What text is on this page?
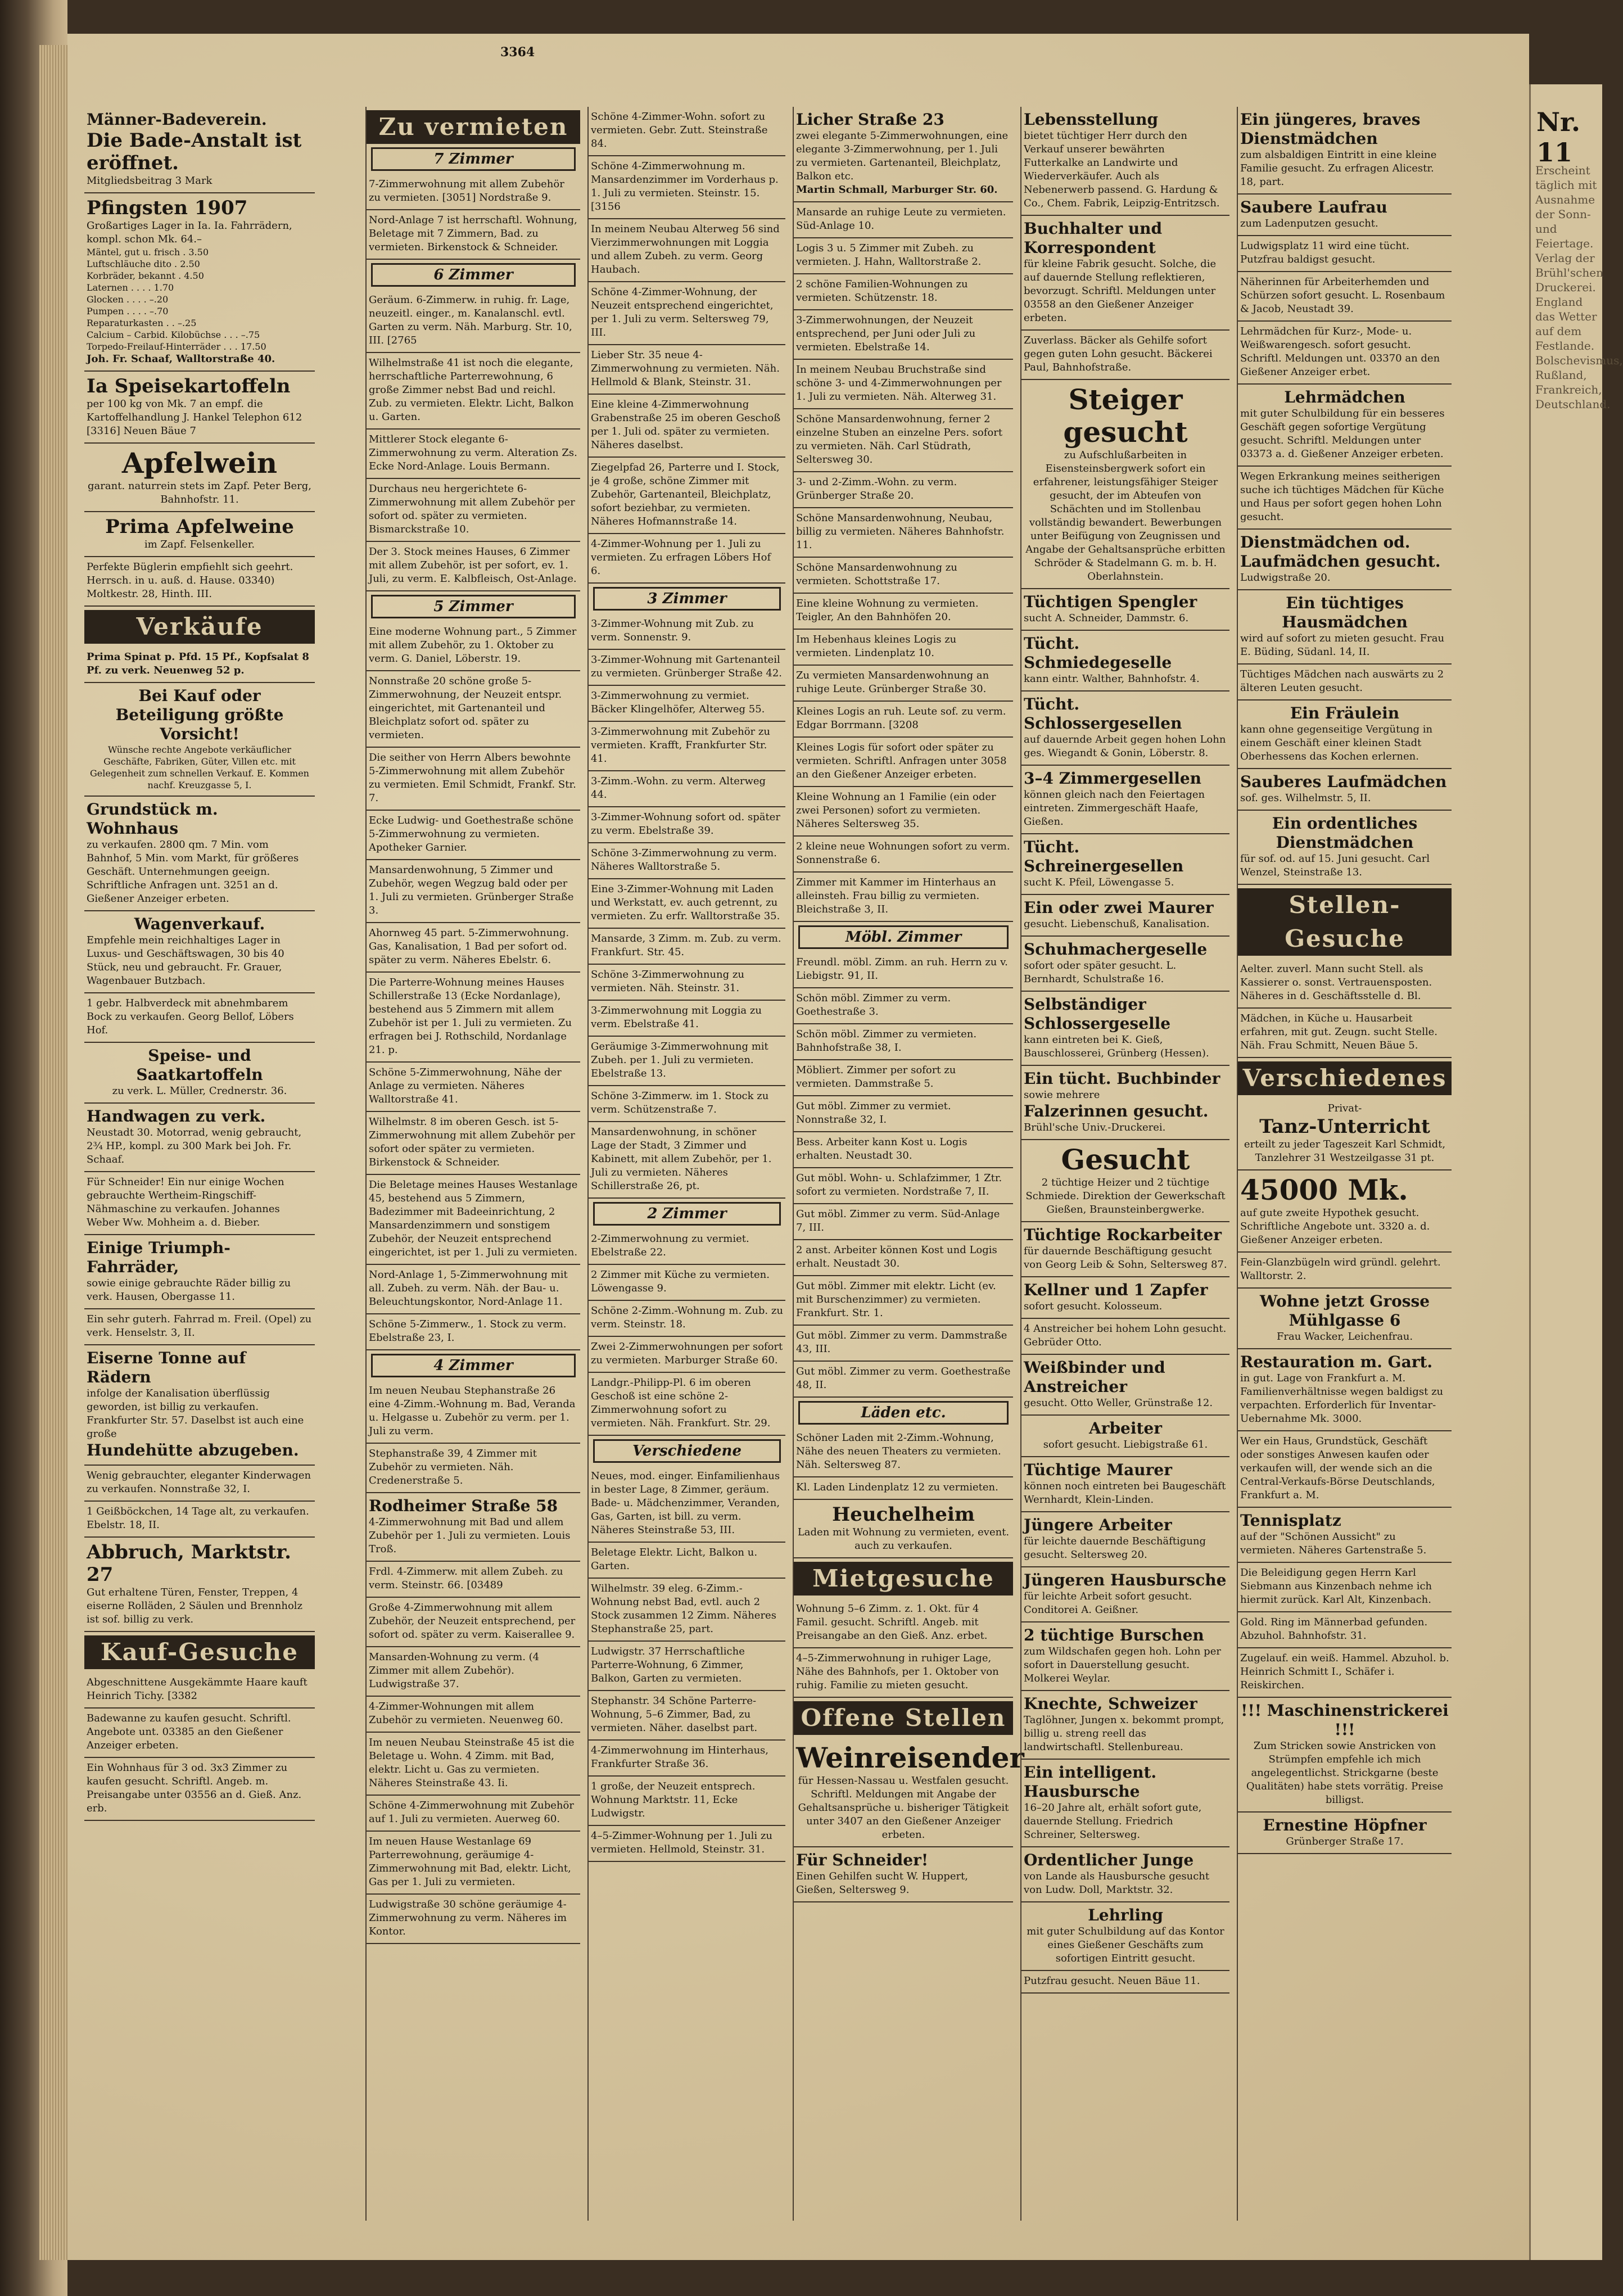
3364
Männer-Badeverein.
Die Bade-Anstalt ist eröffnet.

Mitgliedsbeitrag 3 Mark

Pfingsten 1907

Großartiges Lager in Ia. Ia. Fahrrädern, kompl. schon Mk. 64.–

Mäntel, gut u. frisch . 3.50

Luftschläuche dito . 2.50

Korbräder, bekannt . 4.50

Laternen . . . . 1.70

Glocken . . . . –.20

Pumpen . . . . –.70

Reparaturkasten . . –.25

Calcium – Carbid. Kilobüchse . . . –.75

Torpedo-Freilauf-Hinterräder . . . 17.50

Joh. Fr. Schaaf, Walltorstraße 40.

Ia Speisekartoffeln

per 100 kg von Mk. 7 an empf. die Kartoffelhandlung J. Hankel Telephon 612 [3316] Neuen Bäue 7

Apfelwein

garant. naturrein stets im Zapf. Peter Berg, Bahnhofstr. 11.

Prima Apfelweine

im Zapf. Felsenkeller.

Perfekte Büglerin empfiehlt sich geehrt. Herrsch. in u. auß. d. Hause. 03340) Moltkestr. 28, Hinth. III.

Verkäufe

Prima Spinat p. Pfd. 15 Pf., Kopfsalat 8 Pf. zu verk. Neuenweg 52 p.

Bei Kauf oder Beteiligung größte Vorsicht!

Wünsche rechte Angebote verkäuflicher Geschäfte, Fabriken, Güter, Villen etc. mit Gelegenheit zum schnellen Verkauf. E. Kommen nachf. Kreuzgasse 5, I.

Grundstück m. Wohnhaus

zu verkaufen. 2800 qm. 7 Min. vom Bahnhof, 5 Min. vom Markt, für größeres Geschäft. Unternehmungen geeign. Schriftliche Anfragen unt. 3251 an d. Gießener Anzeiger erbeten.

Wagenverkauf.

Empfehle mein reichhaltiges Lager in Luxus- und Geschäftswagen, 30 bis 40 Stück, neu und gebraucht. Fr. Grauer, Wagenbauer Butzbach.

1 gebr. Halbverdeck mit abnehmbarem Bock zu verkaufen. Georg Bellof, Löbers Hof.

Speise- und Saatkartoffeln

zu verk. L. Müller, Crednerstr. 36.

Handwagen zu verk.

Neustadt 30. Motorrad, wenig gebraucht, 2¾ HP., kompl. zu 300 Mark bei Joh. Fr. Schaaf.

Für Schneider! Ein nur einige Wochen gebrauchte Wertheim-Ringschiff-Nähmaschine zu verkaufen. Johannes Weber Ww. Mohheim a. d. Bieber.

Einige Triumph-Fahrräder,

sowie einige gebrauchte Räder billig zu verk. Hausen, Obergasse 11.

Ein sehr guterh. Fahrrad m. Freil. (Opel) zu verk. Henselstr. 3, II.

Eiserne Tonne auf Rädern

infolge der Kanalisation überflüssig geworden, ist billig zu verkaufen. Frankfurter Str. 57. Daselbst ist auch eine große

Hundehütte abzugeben.

Wenig gebrauchter, eleganter Kinderwagen zu verkaufen. Nonnstraße 32, I.

1 Geißböckchen, 14 Tage alt, zu verkaufen. Ebelstr. 18, II.

Abbruch, Marktstr. 27

Gut erhaltene Türen, Fenster, Treppen, 4 eiserne Rolläden, 2 Säulen und Brennholz ist sof. billig zu verk.

Kauf-Gesuche

Abgeschnittene Ausgekämmte Haare kauft Heinrich Tichy. [3382

Badewanne zu kaufen gesucht. Schriftl. Angebote unt. 03385 an den Gießener Anzeiger erbeten.

Ein Wohnhaus für 3 od. 3x3 Zimmer zu kaufen gesucht. Schriftl. Angeb. m. Preisangabe unter 03556 an d. Gieß. Anz. erb.

Zu vermieten
7 Zimmer
7-Zimmerwohnung mit allem Zubehör zu vermieten. [3051] Nordstraße 9.
Nord-Anlage 7 ist herrschaftl. Wohnung, Beletage mit 7 Zimmern, Bad. zu vermieten. Birkenstock & Schneider.
6 Zimmer
Geräum. 6-Zimmerw. in ruhig. fr. Lage, neuzeitl. einger., m. Kanalanschl. evtl. Garten zu verm. Näh. Marburg. Str. 10, III. [2765
Wilhelmstraße 41 ist noch die elegante, herrschaftliche Parterrewohnung, 6 große Zimmer nebst Bad und reichl. Zub. zu vermieten. Elektr. Licht, Balkon u. Garten.
Mittlerer Stock elegante 6-Zimmerwohnung zu verm. Alteration Zs. Ecke Nord-Anlage. Louis Bermann.
Durchaus neu hergerichtete 6-Zimmerwohnung mit allem Zubehör per sofort od. später zu vermieten. Bismarckstraße 10.
Der 3. Stock meines Hauses, 6 Zimmer mit allem Zubehör, ist per sofort, ev. 1. Juli, zu verm. E. Kalbfleisch, Ost-Anlage.
5 Zimmer
Eine moderne Wohnung part., 5 Zimmer mit allem Zubehör, zu 1. Oktober zu verm. G. Daniel, Löberstr. 19.
Nonnstraße 20 schöne große 5-Zimmerwohnung, der Neuzeit entspr. eingerichtet, mit Gartenanteil und Bleichplatz sofort od. später zu vermieten.
Die seither von Herrn Albers bewohnte 5-Zimmerwohnung mit allem Zubehör zu vermieten. Emil Schmidt, Frankf. Str. 7.
Ecke Ludwig- und Goethestraße schöne 5-Zimmerwohnung zu vermieten. Apotheker Garnier.
Mansardenwohnung, 5 Zimmer und Zubehör, wegen Wegzug bald oder per 1. Juli zu vermieten. Grünberger Straße 3.
Ahornweg 45 part. 5-Zimmerwohnung. Gas, Kanalisation, 1 Bad per sofort od. später zu verm. Näheres Ebelstr. 6.
Die Parterre-Wohnung meines Hauses Schillerstraße 13 (Ecke Nordanlage), bestehend aus 5 Zimmern mit allem Zubehör ist per 1. Juli zu vermieten. Zu erfragen bei J. Rothschild, Nordanlage 21. p.
Schöne 5-Zimmerwohnung, Nähe der Anlage zu vermieten. Näheres Walltorstraße 41.
Wilhelmstr. 8 im oberen Gesch. ist 5-Zimmerwohnung mit allem Zubehör per sofort oder später zu vermieten. Birkenstock & Schneider.
Die Beletage meines Hauses Westanlage 45, bestehend aus 5 Zimmern, Badezimmer mit Badeeinrichtung, 2 Mansardenzimmern und sonstigem Zubehör, der Neuzeit entsprechend eingerichtet, ist per 1. Juli zu vermieten.
Nord-Anlage 1, 5-Zimmerwohnung mit all. Zubeh. zu verm. Näh. der Bau- u. Beleuchtungskontor, Nord-Anlage 11.
Schöne 5-Zimmerw., 1. Stock zu verm. Ebelstraße 23, I.
4 Zimmer
Im neuen Neubau Stephanstraße 26 eine 4-Zimm.-Wohnung m. Bad, Veranda u. Helgasse u. Zubehör zu verm. per 1. Juli zu verm.
Stephanstraße 39, 4 Zimmer mit Zubehör zu vermieten. Näh. Credenerstraße 5.
Rodheimer Straße 58

4-Zimmerwohnung mit Bad und allem Zubehör per 1. Juli zu vermieten. Louis Troß.

Frdl. 4-Zimmerw. mit allem Zubeh. zu verm. Steinstr. 66. [03489
Große 4-Zimmerwohnung mit allem Zubehör, der Neuzeit entsprechend, per sofort od. später zu verm. Kaiserallee 9.
Mansarden-Wohnung zu verm. (4 Zimmer mit allem Zubehör). Ludwigstraße 37.
4-Zimmer-Wohnungen mit allem Zubehör zu vermieten. Neuenweg 60.
Im neuen Neubau Steinstraße 45 ist die Beletage u. Wohn. 4 Zimm. mit Bad, elektr. Licht u. Gas zu vermieten. Näheres Steinstraße 43. Ii.
Schöne 4-Zimmerwohnung mit Zubehör auf 1. Juli zu vermieten. Auerweg 60.
Im neuen Hause Westanlage 69 Parterrewohnung, geräumige 4-Zimmerwohnung mit Bad, elektr. Licht, Gas per 1. Juli zu vermieten.
Ludwigstraße 30 schöne geräumige 4-Zimmerwohnung zu verm. Näheres im Kontor.
Schöne 4-Zimmer-Wohn. sofort zu vermieten. Gebr. Zutt. Steinstraße 84.
Schöne 4-Zimmerwohnung m. Mansardenzimmer im Vorderhaus p. 1. Juli zu vermieten. Steinstr. 15. [3156
In meinem Neubau Alterweg 56 sind Vierzimmerwohnungen mit Loggia und allem Zubeh. zu verm. Georg Haubach.
Schöne 4-Zimmer-Wohnung, der Neuzeit entsprechend eingerichtet, per 1. Juli zu verm. Seltersweg 79, III.
Lieber Str. 35 neue 4-Zimmerwohnung zu vermieten. Näh. Hellmold & Blank, Steinstr. 31.
Eine kleine 4-Zimmerwohnung Grabenstraße 25 im oberen Geschoß per 1. Juli od. später zu vermieten. Näheres daselbst.
Ziegelpfad 26, Parterre und I. Stock, je 4 große, schöne Zimmer mit Zubehör, Gartenanteil, Bleichplatz, sofort beziehbar, zu vermieten. Näheres Hofmannstraße 14.
4-Zimmer-Wohnung per 1. Juli zu vermieten. Zu erfragen Löbers Hof 6.
3 Zimmer
3-Zimmer-Wohnung mit Zub. zu verm. Sonnenstr. 9.
3-Zimmer-Wohnung mit Gartenanteil zu vermieten. Grünberger Straße 42.
3-Zimmerwohnung zu vermiet. Bäcker Klingelhöfer, Alterweg 55.
3-Zimmerwohnung mit Zubehör zu vermieten. Krafft, Frankfurter Str. 41.
3-Zimm.-Wohn. zu verm. Alterweg 44.
3-Zimmer-Wohnung sofort od. später zu verm. Ebelstraße 39.
Schöne 3-Zimmerwohnung zu verm. Näheres Walltorstraße 5.
Eine 3-Zimmer-Wohnung mit Laden und Werkstatt, ev. auch getrennt, zu vermieten. Zu erfr. Walltorstraße 35.
Mansarde, 3 Zimm. m. Zub. zu verm. Frankfurt. Str. 45.
Schöne 3-Zimmerwohnung zu vermieten. Näh. Steinstr. 31.
3-Zimmerwohnung mit Loggia zu verm. Ebelstraße 41.
Geräumige 3-Zimmerwohnung mit Zubeh. per 1. Juli zu vermieten. Ebelstraße 13.
Schöne 3-Zimmerw. im 1. Stock zu verm. Schützenstraße 7.
Mansardenwohnung, in schöner Lage der Stadt, 3 Zimmer und Kabinett, mit allem Zubehör, per 1. Juli zu vermieten. Näheres Schillerstraße 26, pt.
2 Zimmer
2-Zimmerwohnung zu vermiet. Ebelstraße 22.
2 Zimmer mit Küche zu vermieten. Löwengasse 9.
Schöne 2-Zimm.-Wohnung m. Zub. zu verm. Steinstr. 18.
Zwei 2-Zimmerwohnungen per sofort zu vermieten. Marburger Straße 60.
Landgr.-Philipp-Pl. 6 im oberen Geschoß ist eine schöne 2-Zimmerwohnung sofort zu vermieten. Näh. Frankfurt. Str. 29.
Verschiedene
Neues, mod. einger. Einfamilienhaus in bester Lage, 8 Zimmer, geräum. Bade- u. Mädchenzimmer, Veranden, Gas, Garten, ist bill. zu verm. Näheres Steinstraße 53, III.
Beletage Elektr. Licht, Balkon u. Garten.
Wilhelmstr. 39 eleg. 6-Zimm.-Wohnung nebst Bad, evtl. auch 2 Stock zusammen 12 Zimm. Näheres Stephanstraße 25, part.
Ludwigstr. 37 Herrschaftliche Parterre-Wohnung, 6 Zimmer, Balkon, Garten zu vermieten.
Stephanstr. 34 Schöne Parterre-Wohnung, 5–6 Zimmer, Bad, zu vermieten. Näher. daselbst part.
4-Zimmerwohnung im Hinterhaus, Frankfurter Straße 36.
1 große, der Neuzeit entsprech. Wohnung Marktstr. 11, Ecke Ludwigstr.
4–5-Zimmer-Wohnung per 1. Juli zu vermieten. Hellmold, Steinstr. 31.
Licher Straße 23

zwei elegante 5-Zimmerwohnungen, eine elegante 3-Zimmerwohnung, per 1. Juli zu vermieten. Gartenanteil, Bleichplatz, Balkon etc.

Martin Schmall, Marburger Str. 60.

Mansarde an ruhige Leute zu vermieten. Süd-Anlage 10.
Logis 3 u. 5 Zimmer mit Zubeh. zu vermieten. J. Hahn, Walltorstraße 2.
2 schöne Familien-Wohnungen zu vermieten. Schützenstr. 18.
3-Zimmerwohnungen, der Neuzeit entsprechend, per Juni oder Juli zu vermieten. Ebelstraße 14.
In meinem Neubau Bruchstraße sind schöne 3- und 4-Zimmerwohnungen per 1. Juli zu vermieten. Näh. Alterweg 31.
Schöne Mansardenwohnung, ferner 2 einzelne Stuben an einzelne Pers. sofort zu vermieten. Näh. Carl Stüdrath, Seltersweg 30.
3- und 2-Zimm.-Wohn. zu verm. Grünberger Straße 20.
Schöne Mansardenwohnung, Neubau, billig zu vermieten. Näheres Bahnhofstr. 11.
Schöne Mansardenwohnung zu vermieten. Schottstraße 17.
Eine kleine Wohnung zu vermieten. Teigler, An den Bahnhöfen 20.
Im Hebenhaus kleines Logis zu vermieten. Lindenplatz 10.
Zu vermieten Mansardenwohnung an ruhige Leute. Grünberger Straße 30.
Kleines Logis an ruh. Leute sof. zu verm. Edgar Borrmann. [3208
Kleines Logis für sofort oder später zu vermieten. Schriftl. Anfragen unter 3058 an den Gießener Anzeiger erbeten.
Kleine Wohnung an 1 Familie (ein oder zwei Personen) sofort zu vermieten. Näheres Seltersweg 35.
2 kleine neue Wohnungen sofort zu verm. Sonnenstraße 6.
Zimmer mit Kammer im Hinterhaus an alleinsteh. Frau billig zu vermieten. Bleichstraße 3, II.
Möbl. Zimmer
Freundl. möbl. Zimm. an ruh. Herrn zu v. Liebigstr. 91, II.
Schön möbl. Zimmer zu verm. Goethestraße 3.
Schön möbl. Zimmer zu vermieten. Bahnhofstraße 38, I.
Möbliert. Zimmer per sofort zu vermieten. Dammstraße 5.
Gut möbl. Zimmer zu vermiet. Nonnstraße 32, I.
Bess. Arbeiter kann Kost u. Logis erhalten. Neustadt 30.
Gut möbl. Wohn- u. Schlafzimmer, 1 Ztr. sofort zu vermieten. Nordstraße 7, II.
Gut möbl. Zimmer zu verm. Süd-Anlage 7, III.
2 anst. Arbeiter können Kost und Logis erhalt. Neustadt 30.
Gut möbl. Zimmer mit elektr. Licht (ev. mit Burschenzimmer) zu vermieten. Frankfurt. Str. 1.
Gut möbl. Zimmer zu verm. Dammstraße 43, III.
Gut möbl. Zimmer zu verm. Goethestraße 48, II.
Läden etc.
Schöner Laden mit 2-Zimm.-Wohnung, Nähe des neuen Theaters zu vermieten. Näh. Seltersweg 87.
Kl. Laden Lindenplatz 12 zu vermieten.
Heuchelheim

Laden mit Wohnung zu vermieten, event. auch zu verkaufen.

Mietgesuche
Wohnung 5–6 Zimm. z. 1. Okt. für 4 Famil. gesucht. Schriftl. Angeb. mit Preisangabe an den Gieß. Anz. erbet.
4–5-Zimmerwohnung in ruhiger Lage, Nähe des Bahnhofs, per 1. Oktober von ruhig. Familie zu mieten gesucht.
Offene Stellen
Weinreisender

für Hessen-Nassau u. Westfalen gesucht. Schriftl. Meldungen mit Angabe der Gehaltsansprüche u. bisheriger Tätigkeit unter 3407 an den Gießener Anzeiger erbeten.

Für Schneider!

Einen Gehilfen sucht W. Huppert, Gießen, Seltersweg 9.

Lebensstellung

bietet tüchtiger Herr durch den Verkauf unserer bewährten Futterkalke an Landwirte und Wiederverkäufer. Auch als Nebenerwerb passend. G. Hardung & Co., Chem. Fabrik, Leipzig-Entritzsch.

Buchhalter und Korrespondent

für kleine Fabrik gesucht. Solche, die auf dauernde Stellung reflektieren, bevorzugt. Schriftl. Meldungen unter 03558 an den Gießener Anzeiger erbeten.

Zuverlass. Bäcker als Gehilfe sofort gegen guten Lohn gesucht. Bäckerei Paul, Bahnhofstraße.
Steiger gesucht

zu Aufschlußarbeiten in Eisensteinsbergwerk sofort ein erfahrener, leistungsfähiger Steiger gesucht, der im Abteufen von Schächten und im Stollenbau vollständig bewandert. Bewerbungen unter Beifügung von Zeugnissen und Angabe der Gehaltsansprüche erbitten Schröder & Stadelmann G. m. b. H. Oberlahnstein.

Tüchtigen Spengler

sucht A. Schneider, Dammstr. 6.

Tücht. Schmiedegeselle

kann eintr. Walther, Bahnhofstr. 4.

Tücht. Schlossergesellen

auf dauernde Arbeit gegen hohen Lohn ges. Wiegandt & Gonin, Löberstr. 8.

3–4 Zimmergesellen

können gleich nach den Feiertagen eintreten. Zimmergeschäft Haafe, Gießen.

Tücht. Schreinergesellen

sucht K. Pfeil, Löwengasse 5.

Ein oder zwei Maurer

gesucht. Liebenschuß, Kanalisation.

Schuhmachergeselle

sofort oder später gesucht. L. Bernhardt, Schulstraße 16.

Selbständiger Schlossergeselle

kann eintreten bei K. Gieß, Bauschlosserei, Grünberg (Hessen).

Ein tücht. Buchbinder

sowie mehrere

Falzerinnen gesucht.

Brühl'sche Univ.-Druckerei.

Gesucht

2 tüchtige Heizer und 2 tüchtige Schmiede. Direktion der Gewerkschaft Gießen, Braunsteinbergwerke.

Tüchtige Rockarbeiter

für dauernde Beschäftigung gesucht von Georg Leib & Sohn, Seltersweg 87.

Kellner und 1 Zapfer

sofort gesucht. Kolosseum.

4 Anstreicher bei hohem Lohn gesucht. Gebrüder Otto.
Weißbinder und Anstreicher

gesucht. Otto Weller, Grünstraße 12.

Arbeiter

sofort gesucht. Liebigstraße 61.

Tüchtige Maurer

können noch eintreten bei Baugeschäft Wernhardt, Klein-Linden.

Jüngere Arbeiter

für leichte dauernde Beschäftigung gesucht. Seltersweg 20.

Jüngeren Hausbursche

für leichte Arbeit sofort gesucht. Conditorei A. Geißner.

2 tüchtige Burschen

zum Wildschafen gegen hoh. Lohn per sofort in Dauerstellung gesucht. Molkerei Weylar.

Knechte, Schweizer

Taglöhner, Jungen x. bekommt prompt, billig u. streng reell das landwirtschaftl. Stellenbureau.

Ein intelligent. Hausbursche

16–20 Jahre alt, erhält sofort gute, dauernde Stellung. Friedrich Schreiner, Seltersweg.

Ordentlicher Junge

von Lande als Hausbursche gesucht von Ludw. Doll, Marktstr. 32.

Lehrling

mit guter Schulbildung auf das Kontor eines Gießener Geschäfts zum sofortigen Eintritt gesucht.

Putzfrau gesucht. Neuen Bäue 11.
Ein jüngeres, braves Dienstmädchen

zum alsbaldigen Eintritt in eine kleine Familie gesucht. Zu erfragen Alicestr. 18, part.

Saubere Laufrau

zum Ladenputzen gesucht.

Ludwigsplatz 11 wird eine tücht. Putzfrau baldigst gesucht.
Näherinnen für Arbeiterhemden und Schürzen sofort gesucht. L. Rosenbaum & Jacob, Neustadt 39.
Lehrmädchen für Kurz-, Mode- u. Weißwarengesch. sofort gesucht. Schriftl. Meldungen unt. 03370 an den Gießener Anzeiger erbet.
Lehrmädchen

mit guter Schulbildung für ein besseres Geschäft gegen sofortige Vergütung gesucht. Schriftl. Meldungen unter 03373 a. d. Gießener Anzeiger erbeten.

Wegen Erkrankung meines seitherigen suche ich tüchtiges Mädchen für Küche und Haus per sofort gegen hohen Lohn gesucht.
Dienstmädchen od. Laufmädchen gesucht.

Ludwigstraße 20.

Ein tüchtiges Hausmädchen

wird auf sofort zu mieten gesucht. Frau E. Büding, Südanl. 14, II.

Tüchtiges Mädchen nach auswärts zu 2 älteren Leuten gesucht.
Ein Fräulein

kann ohne gegenseitige Vergütung in einem Geschäft einer kleinen Stadt Oberhessens das Kochen erlernen.

Sauberes Laufmädchen

sof. ges. Wilhelmstr. 5, II.

Ein ordentliches Dienstmädchen

für sof. od. auf 15. Juni gesucht. Carl Wenzel, Steinstraße 13.

Stellen-Gesuche
Aelter. zuverl. Mann sucht Stell. als Kassierer o. sonst. Vertrauensposten. Näheres in d. Geschäftsstelle d. Bl.
Mädchen, in Küche u. Hausarbeit erfahren, mit gut. Zeugn. sucht Stelle. Näh. Frau Schmitt, Neuen Bäue 5.
Verschiedenes

Privat-

Tanz-Unterricht

erteilt zu jeder Tageszeit Karl Schmidt, Tanzlehrer 31 Westzeilgasse 31 pt.

45000 Mk.

auf gute zweite Hypothek gesucht. Schriftliche Angebote unt. 3320 a. d. Gießener Anzeiger erbeten.

Fein-Glanzbügeln wird gründl. gelehrt. Walltorstr. 2.
Wohne jetzt Grosse Mühlgasse 6

Frau Wacker, Leichenfrau.

Restauration m. Gart.

in gut. Lage von Frankfurt a. M. Familienverhältnisse wegen baldigst zu verpachten. Erforderlich für Inventar-Uebernahme Mk. 3000.

Wer ein Haus, Grundstück, Geschäft oder sonstiges Anwesen kaufen oder verkaufen will, der wende sich an die Central-Verkaufs-Börse Deutschlands, Frankfurt a. M.
Tennisplatz

auf der "Schönen Aussicht" zu vermieten. Näheres Gartenstraße 5.

Die Beleidigung gegen Herrn Karl Siebmann aus Kinzenbach nehme ich hiermit zurück. Karl Alt, Kinzenbach.
Gold. Ring im Männerbad gefunden. Abzuhol. Bahnhofstr. 31.
Zugelauf. ein weiß. Hammel. Abzuhol. b. Heinrich Schmitt I., Schäfer i. Reiskirchen.
!!! Maschinenstrickerei !!!

Zum Stricken sowie Anstricken von Strümpfen empfehle ich mich angelegentlichst. Strickgarne (beste Qualitäten) habe stets vorrätig. Preise billigst.

Ernestine Höpfner

Grünberger Straße 17.

Nr. 11
Erscheint täglich mit Ausnahme der Sonn- und Feiertage. Verlag der Brühl'schen Druckerei. England das Wetter auf dem Festlande. Bolschevismus, Rußland, Frankreich, Deutschland.
